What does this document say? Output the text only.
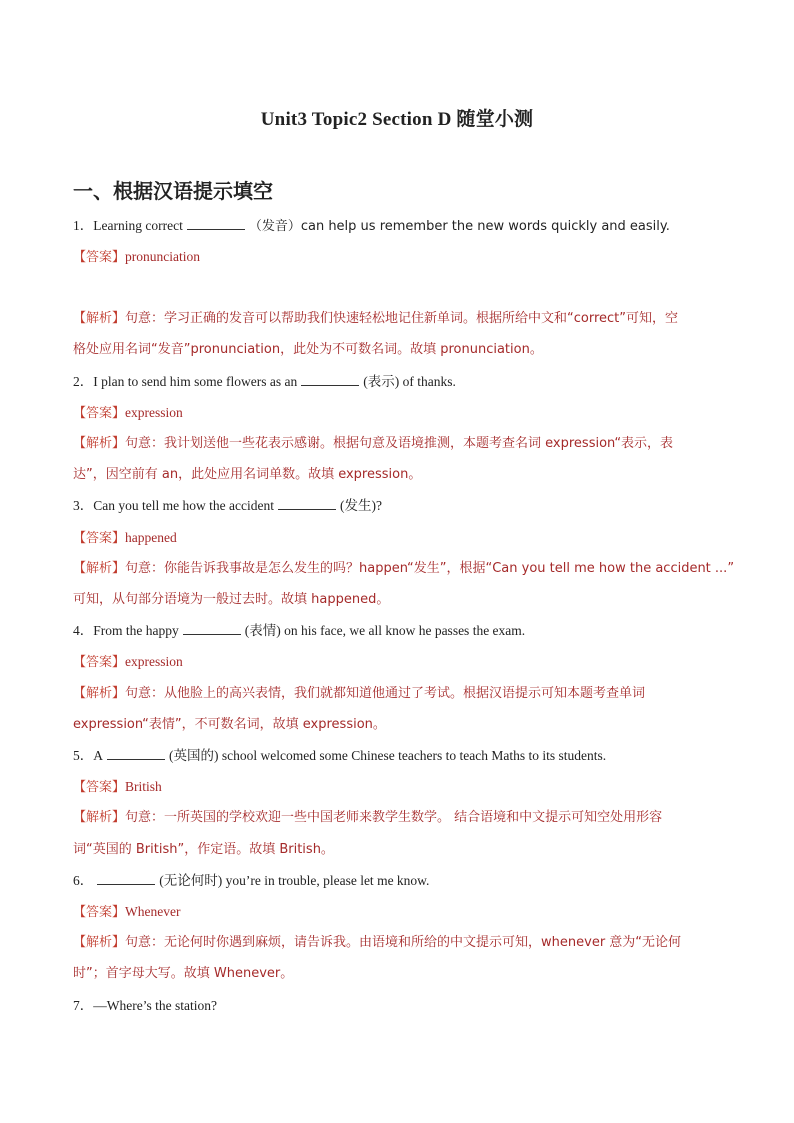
Unit3 Topic2 Section D 随堂小测
一、根据汉语提示填空
1．Learning correct	（发音）can help us remember the new words quickly and easily.
【答案】pronunciation
【解析】句意：学习正确的发音可以帮助我们快速轻松地记住新单词。根据所给中文和“correct”可知，空
格处应用名词“发音”pronunciation，此处为不可数名词。故填 pronunciation。
2．I plan to send him some flowers as an	(表示) of thanks.
【答案】expression
【解析】句意：我计划送他一些花表示感谢。根据句意及语境推测，本题考查名词 expression“表示，表
达”，因空前有 an，此处应用名词单数。故填 expression。
3．Can you tell me how the accident	(发生)?
【答案】happened
【解析】句意：你能告诉我事故是怎么发生的吗？happen“发生”，根据“Can you tell me how the accident ...”
可知，从句部分语境为一般过去时。故填 happened。
4．From the happy	(表情) on his face, we all know he passes the exam.
【答案】expression
【解析】句意：从他脸上的高兴表情，我们就都知道他通过了考试。根据汉语提示可知本题考查单词
expression“表情”，不可数名词，故填 expression。
5．A	(英国的) school welcomed some Chinese teachers to teach Maths to its students.
【答案】British
【解析】句意：一所英国的学校欢迎一些中国老师来教学生数学。 结合语境和中文提示可知空处用形容
词“英国的 British”，作定语。故填 British。
6．	(无论何时) you’re in trouble, please let me know.
【答案】Whenever
【解析】句意：无论何时你遇到麻烦，请告诉我。由语境和所给的中文提示可知，whenever 意为“无论何
时”；首字母大写。故填 Whenever。
7．—Where’s the station?
